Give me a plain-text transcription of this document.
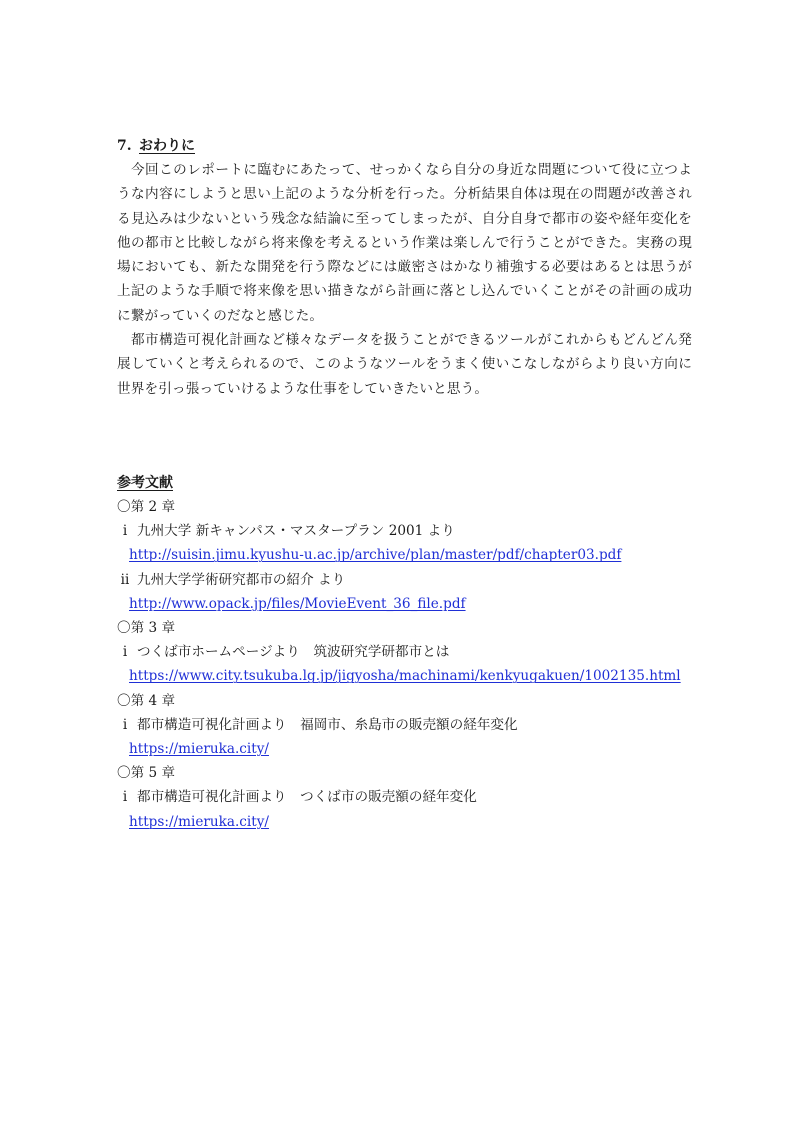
7. おわりに

今回このレポートに臨むにあたって、せっかくなら自分の身近な問題について役に立つような内容にしようと思い上記のような分析を行った。分析結果自体は現在の問題が改善される見込みは少ないという残念な結論に至ってしまったが、自分自身で都市の姿や経年変化を他の都市と比較しながら将来像を考えるという作業は楽しんで行うことができた。実務の現場においても、新たな開発を行う際などには厳密さはかなり補強する必要はあるとは思うが上記のような手順で将来像を思い描きながら計画に落とし込んでいくことがその計画の成功に繋がっていくのだなと感じた。

都市構造可視化計画など様々なデータを扱うことができるツールがこれからもどんどん発展していくと考えられるので、このようなツールをうまく使いこなしながらより良い方向に世界を引っ張っていけるような仕事をしていきたいと思う。

参考文献

〇第 2 章

ⅰ 九州大学 新キャンパス・マスタープラン 2001 より
http://suisin.jimu.kyushu-u.ac.jp/archive/plan/master/pdf/chapter03.pdf
ⅱ 九州大学学術研究都市の紹介 より
http://www.opack.jp/files/MovieEvent_36_file.pdf

〇第 3 章

ⅰ つくば市ホームページより　筑波研究学研都市とは
https://www.city.tsukuba.lg.jp/jigyosha/machinami/kenkyugakuen/1002135.html

〇第 4 章

ⅰ 都市構造可視化計画より　福岡市、糸島市の販売額の経年変化
https://mieruka.city/

〇第 5 章

ⅰ 都市構造可視化計画より　つくば市の販売額の経年変化
https://mieruka.city/
